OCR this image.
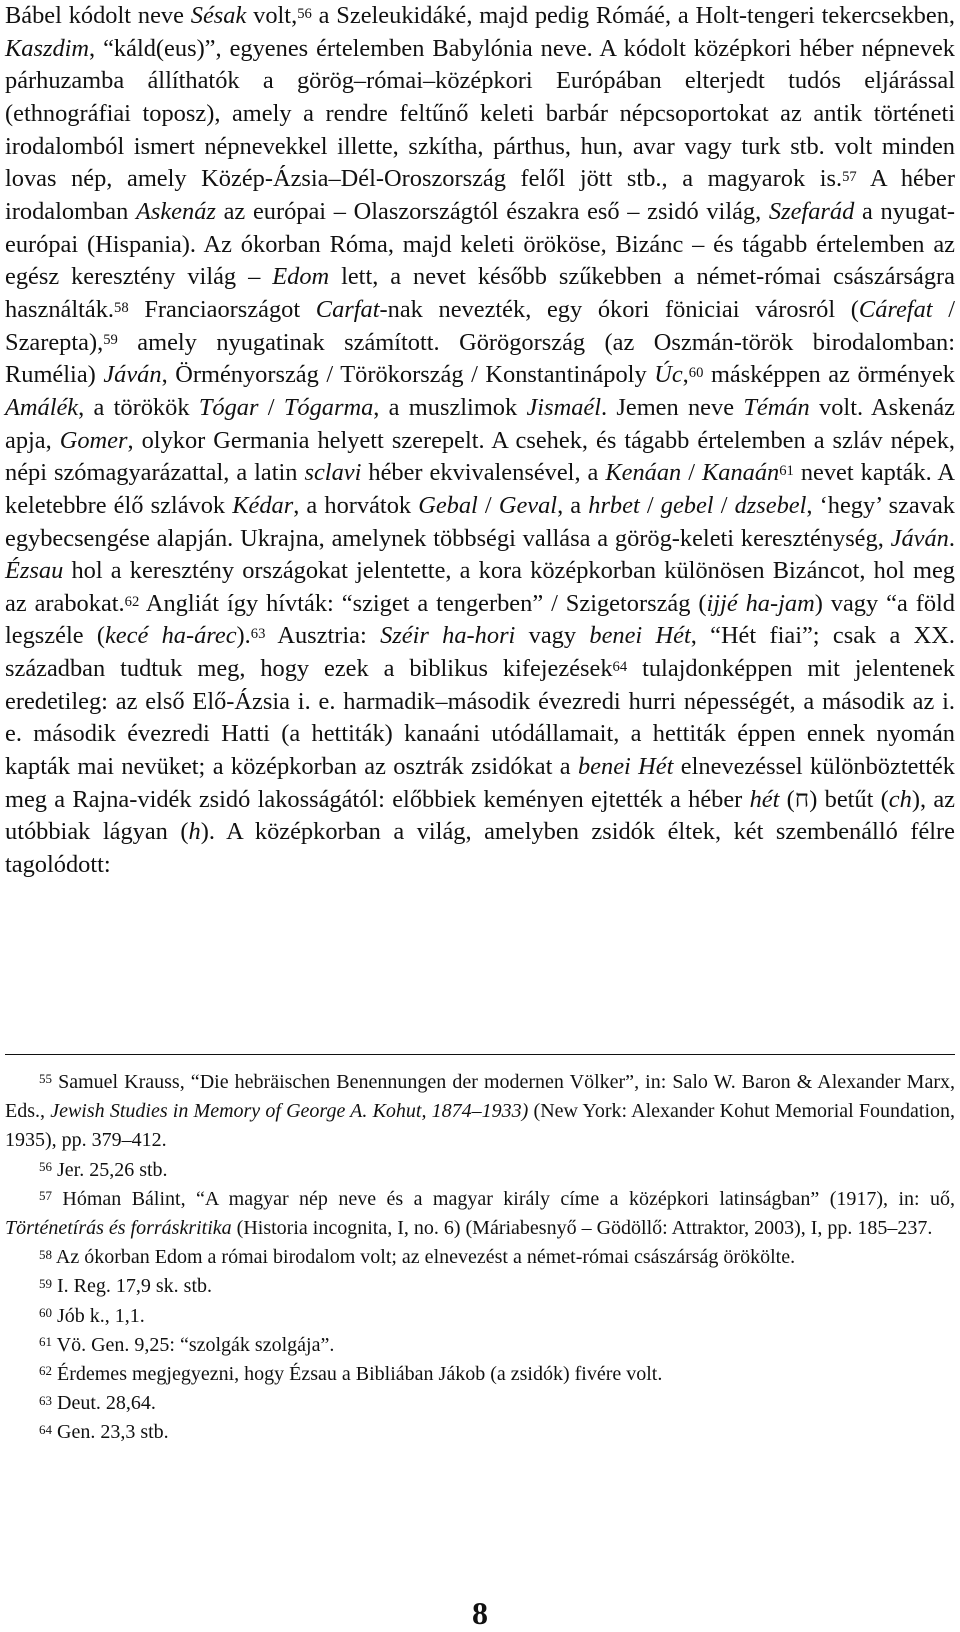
Bábel kódolt neve Sésak volt,$^{56}$ a Szeleukidáké, majd pedig Rómáé, a Holt-tengeri tekercsekben, Kaszdim, “káld(eus)”, egyenes értelemben Babylónia neve. A kódolt középkori héber népnevek párhuzamba állíthatók a görög–római–középkori Európában elterjedt tudós eljárással (ethnográfiai toposz), amely a rendre feltűnő keleti barbár népcsoportokat az antik történeti irodalomból ismert népnevekkel illette, szkítha, párthus, hun, avar vagy turk stb. volt minden lovas nép, amely Közép-Ázsia–Dél-Oroszország felől jött stb., a magyarok is.$^{57}$ A héber irodalomban Askenáz az európai – Olaszországtól északra eső – zsidó világ, Szefarád a nyugat-európai (Hispania). Az ókorban Róma, majd keleti örököse, Bizánc – és tágabb értelemben az egész keresztény világ – Edom lett, a nevet később szűkebben a német-római császárságra használták.$^{58}$ Franciaországot Carfat-nak nevezték, egy ókori föniciai városról (Cárefat / Szarepta),$^{59}$ amely nyugatinak számított. Görögország (az Oszmán-török birodalomban: Rumélia) Jáván, Örményország / Törökország / Konstantinápoly Úc,$^{60}$ másképpen az örmények Amálék, a törökök Tógar / Tógarma, a muszlimok Jismaél. Jemen neve Témán volt. Askenáz apja, Gomer, olykor Germania helyett szerepelt. A csehek, és tágabb értelemben a szláv népek, népi szómagyarázattal, a latin sclavi héber ekvivalensével, a Kenáan / Kanaán$^{61}$ nevet kapták. A keletebbre élő szlávok Kédar, a horvátok Gebal / Geval, a hrbet / gebel / dzsebel, ‘hegy’ szavak egybecsengése alapján. Ukrajna, amelynek többségi vallása a görög-keleti kereszténység, Jáván. Ézsau hol a keresztény országokat jelentette, a kora középkorban különösen Bizáncot, hol meg az arabokat.$^{62}$ Angliát így hívták: “sziget a tengerben” / Szigetország (ijjé ha-jam) vagy “a föld legszéle (kecé ha-árec).$^{63}$ Ausztria: Széir ha-hori vagy benei Hét, “Hét fiai”; csak a XX. században tudtuk meg, hogy ezek a biblikus kifejezések$^{64}$ tulajdonképpen mit jelentenek eredetileg: az első Elő-Ázsia i. e. harmadik–második évezredi hurri népességét, a második az i. e. második évezredi Hatti (a hettiták) kanaáni utódállamait, a hettiták éppen ennek nyomán kapták mai nevüket; a középkorban az osztrák zsidókat a benei Hét elnevezéssel különböztették meg a Rajna-vidék zsidó lakosságától: előbbiek keményen ejtették a héber hét (ח) betűt (ch), az utóbbiak lágyan (h). A középkorban a világ, amelyben zsidók éltek, két szembenálló félre tagolódott:

$^{55}$ Samuel Krauss, “Die hebräischen Benennungen der modernen Völker”, in: Salo W. Baron & Alexander Marx, Eds., Jewish Studies in Memory of George A. Kohut, 1874–1933) (New York: Alexander Kohut Memorial Foundation, 1935), pp. 379–412.

$^{56}$ Jer. 25,26 stb.

$^{57}$ Hóman Bálint, “A magyar nép neve és a magyar király címe a középkori latinságban” (1917), in: uő, Történetírás és forráskritika (Historia incognita, I, no. 6) (Máriabesnyő – Gödöllő: Attraktor, 2003), I, pp. 185–237.

$^{58}$ Az ókorban Edom a római birodalom volt; az elnevezést a német-római császárság örökölte.

$^{59}$ I. Reg. 17,9 sk. stb.

$^{60}$ Jób k., 1,1.

$^{61}$ Vö. Gen. 9,25: “szolgák szolgája”.

$^{62}$ Érdemes megjegyezni, hogy Ézsau a Bibliában Jákob (a zsidók) fivére volt.

$^{63}$ Deut. 28,64.

$^{64}$ Gen. 23,3 stb.

8
